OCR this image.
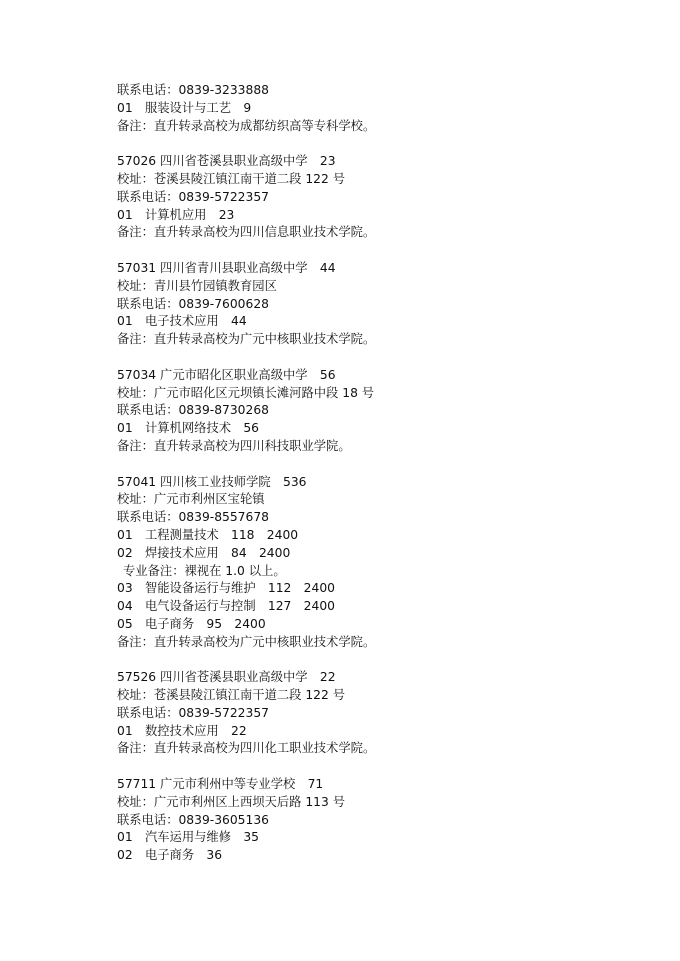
联系电话：0839-3233888
01　服装设计与工艺　9
备注：直升转录高校为成都纺织高等专科学校。
57026 四川省苍溪县职业高级中学　23
校址：苍溪县陵江镇江南干道二段 122 号
联系电话：0839-5722357
01　计算机应用　23
备注：直升转录高校为四川信息职业技术学院。
57031 四川省青川县职业高级中学　44
校址：青川县竹园镇教育园区
联系电话：0839-7600628
01　电子技术应用　44
备注：直升转录高校为广元中核职业技术学院。
57034 广元市昭化区职业高级中学　56
校址：广元市昭化区元坝镇长滩河路中段 18 号
联系电话：0839-8730268
01　计算机网络技术　56
备注：直升转录高校为四川科技职业学院。
57041 四川核工业技师学院　536
校址：广元市利州区宝轮镇
联系电话：0839-8557678
01　工程测量技术　118　2400
02　焊接技术应用　84　2400
专业备注：裸视在 1.0 以上。
03　智能设备运行与维护　112　2400
04　电气设备运行与控制　127　2400
05　电子商务　95　2400
备注：直升转录高校为广元中核职业技术学院。
57526 四川省苍溪县职业高级中学　22
校址：苍溪县陵江镇江南干道二段 122 号
联系电话：0839-5722357
01　数控技术应用　22
备注：直升转录高校为四川化工职业技术学院。
57711 广元市利州中等专业学校　71
校址：广元市利州区上西坝天后路 113 号
联系电话：0839-3605136
01　汽车运用与维修　35
02　电子商务　36
